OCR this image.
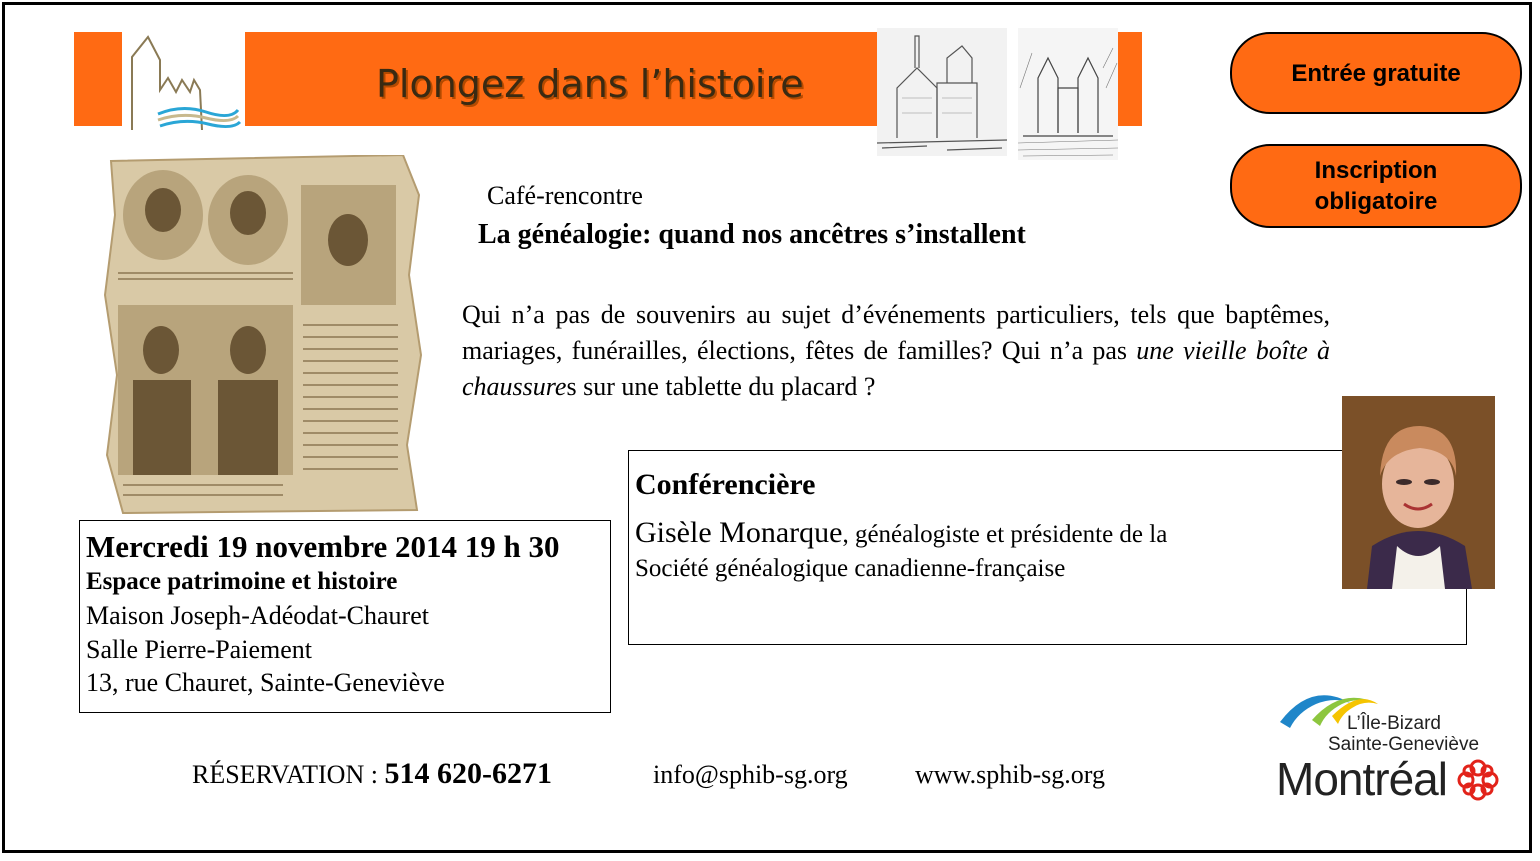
Plongez dans l’histoire	Entrée gratuite
Inscription
obligatoire
Café-rencontre
La généalogie: quand nos ancêtres s’installent
Qui n’a pas de souvenirs au sujet d’événements particuliers, tels que baptêmes, mariages, funérailles, élections, fêtes de familles? Qui n’a pas une vieille boîte à chaussures sur une tablette du placard ?
Conférencière
Gisèle Monarque, généalogiste et présidente de la
Société généalogique canadienne-française
Mercredi 19 novembre 2014 19 h 30
Espace patrimoine et histoire
Maison Joseph-Adéodat-Chauret
Salle Pierre-Paiement
13, rue Chauret, Sainte-Geneviève
RÉSERVATION : 514 620-6271	info@sphib-sg.org	www.sphib-sg.org
L’Île-Bizard
Sainte-Geneviève
Montréal
